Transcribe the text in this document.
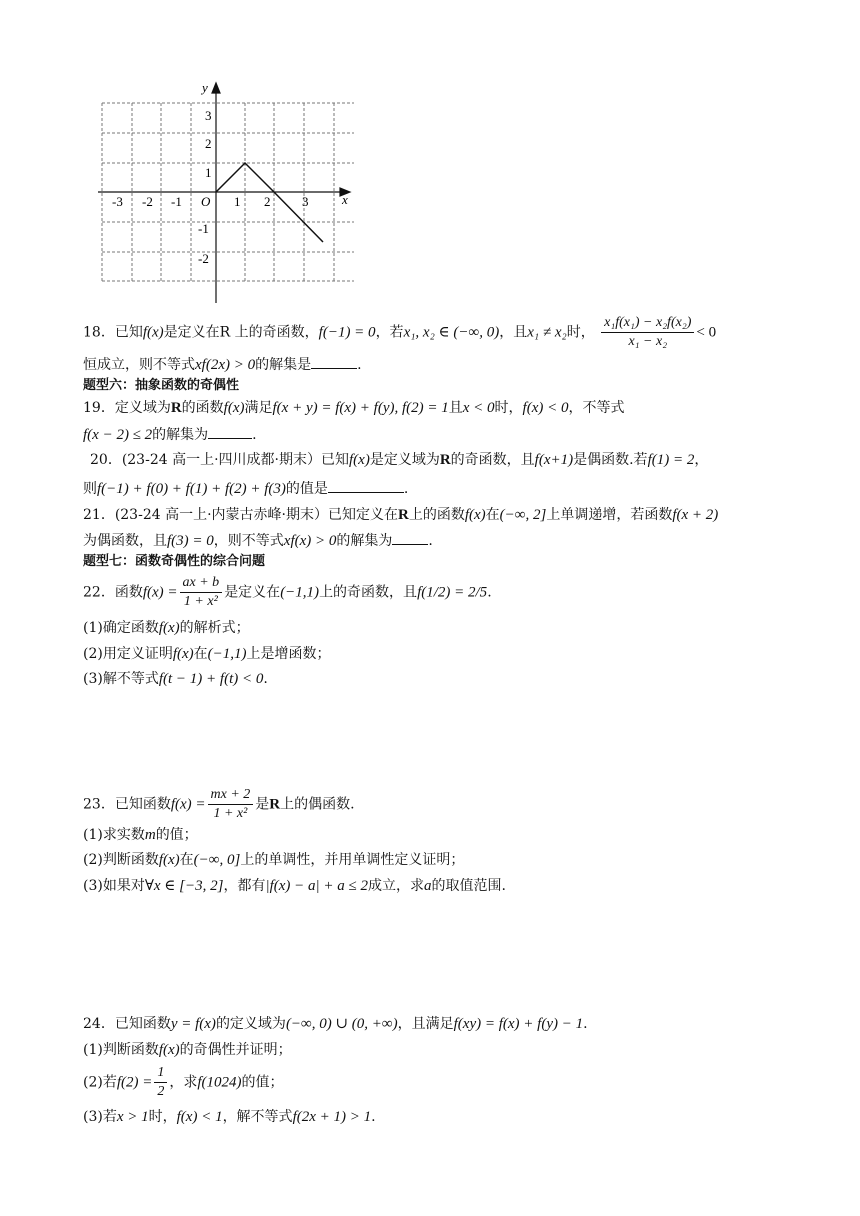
x
y
O
-3 -2 -1	1 2 3
3
2
1
-1
-2
18．已知f(x)是定义在R 上的奇函数，f(−1) = 0，若x₁, x₂ ∈ (−∞, 0)，且x₁ ≠ x₂时， $\frac{\text{x₁f(x₁) − x₂f(x₂)}}{\text{x₁ − x₂}} < 0$
恒成立，则不等式xf(2x) > 0的解集是	.
题型六：抽象函数的奇偶性
19．定义域为R的函数f(x)满足f(x + y) = f(x) + f(y), f(2) = 1且x < 0时，f(x) < 0，不等式
f(x − 2) ≤ 2的解集为	.
20．(23-24 高一上·四川成都·期末）已知f(x)是定义域为R的奇函数，且f(x+1)是偶函数.若f(1) = 2，
则f(−1) + f(0) + f(1) + f(2) + f(3)的值是	.
21．(23-24 高一上·内蒙古赤峰·期末）已知定义在R上的函数f(x)在(−∞, 2]上单调递增，若函数f(x + 2)
为偶函数，且f(3) = 0，则不等式xf(x) > 0的解集为	.
题型七：函数奇偶性的综合问题
22．函数$f(x) = \frac{ax + b}{\text{1 + x²}}$ 是定义在(−1,1)上的奇函数，且f(1/2) = 2/5.
(1)确定函数f(x)的解析式；
(2)用定义证明f(x)在(−1,1)上是增函数；
(3)解不等式f(t − 1) + f(t) < 0.
23．已知函数$f(x) = \frac{mx + 2}{\text{1 + x²}}$ 是R上的偶函数.
(1)求实数m的值；
(2)判断函数f(x)在(−∞, 0]上的单调性，并用单调性定义证明；
(3)如果对∀x ∈ [−3, 2]，都有|f(x) − a| + a ≤ 2成立，求a的取值范围.
24．已知函数y = f(x)的定义域为(−∞, 0) ∪ (0, +∞)，且满足f(xy) = f(x) + f(y) − 1.
(1)判断函数f(x)的奇偶性并证明；
(2)若$f(2) = \frac{1}{2}$ ，求f(1024)的值；
(3)若x > 1时，f(x) < 1，解不等式f(2x + 1) > 1.
